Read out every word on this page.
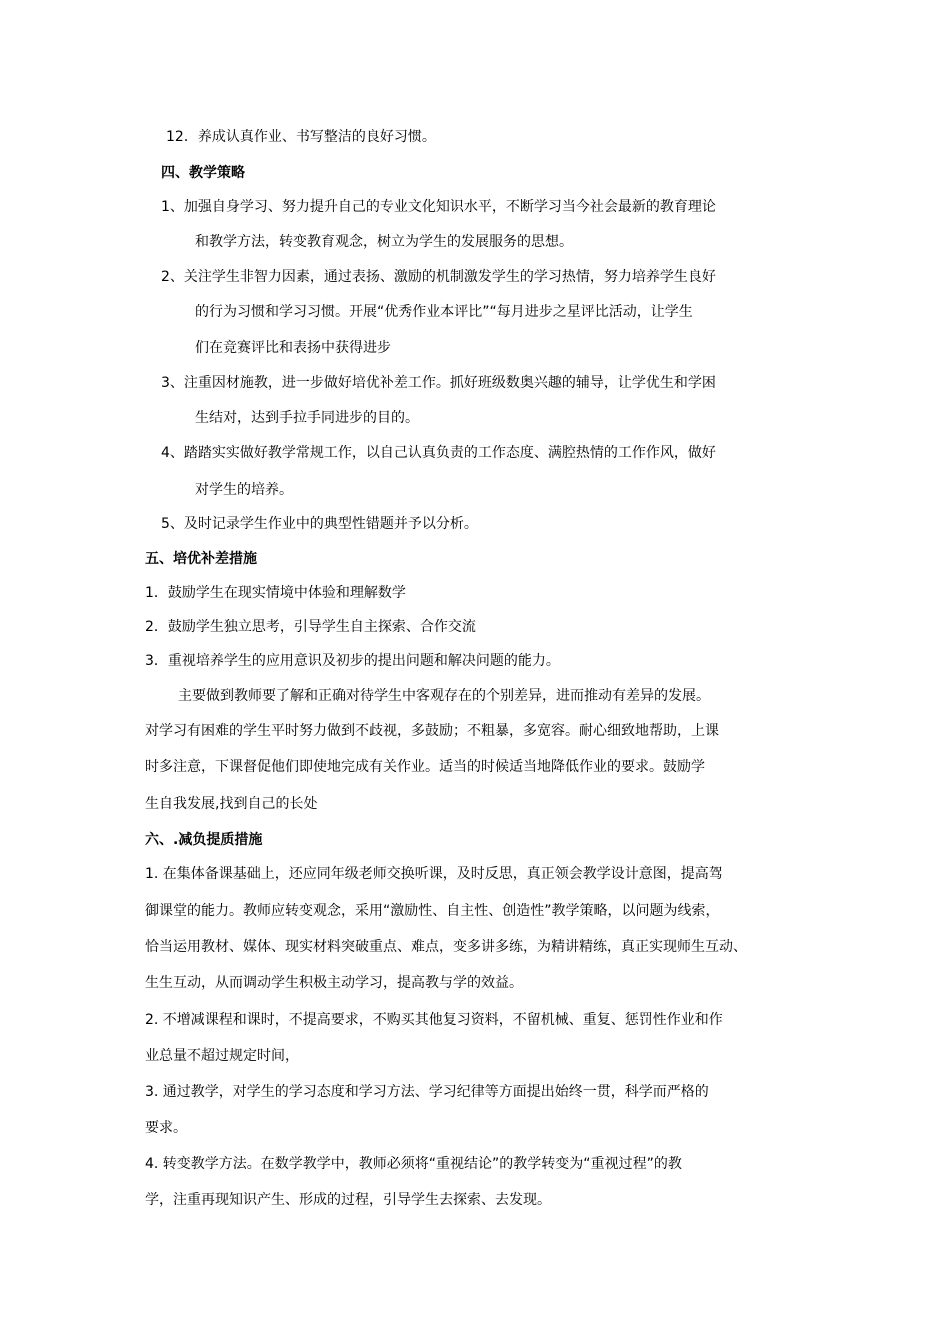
12．养成认真作业、书写整洁的良好习惯。
四、教学策略
1、加强自身学习、努力提升自己的专业文化知识水平，不断学习当今社会最新的教育理论
和教学方法，转变教育观念，树立为学生的发展服务的思想。
2、关注学生非智力因素，通过表扬、激励的机制激发学生的学习热情，努力培养学生良好
的行为习惯和学习习惯。开展“优秀作业本评比”“每月进步之星评比活动，让学生
们在竞赛评比和表扬中获得进步
3、注重因材施教，进一步做好培优补差工作。抓好班级数奥兴趣的辅导，让学优生和学困
生结对，达到手拉手同进步的目的。
4、踏踏实实做好教学常规工作，以自己认真负责的工作态度、满腔热情的工作作风，做好
对学生的培养。
5、及时记录学生作业中的典型性错题并予以分析。
五、培优补差措施
1．鼓励学生在现实情境中体验和理解数学
2．鼓励学生独立思考，引导学生自主探索、合作交流
3．重视培养学生的应用意识及初步的提出问题和解决问题的能力。
主要做到教师要了解和正确对待学生中客观存在的个别差异，进而推动有差异的发展。
对学习有困难的学生平时努力做到不歧视，多鼓励；不粗暴，多宽容。耐心细致地帮助，上课
时多注意，下课督促他们即使地完成有关作业。适当的时候适当地降低作业的要求。鼓励学
生自我发展,找到自己的长处
六、.减负提质措施
1. 在集体备课基础上，还应同年级老师交换听课，及时反思，真正领会教学设计意图，提高驾
御课堂的能力。教师应转变观念，采用“激励性、自主性、创造性”教学策略，以问题为线索，
恰当运用教材、媒体、现实材料突破重点、难点，变多讲多练，为精讲精练，真正实现师生互动、
生生互动，从而调动学生积极主动学习，提高教与学的效益。
2. 不增减课程和课时，不提高要求，不购买其他复习资料，不留机械、重复、惩罚性作业和作
业总量不超过规定时间，
3. 通过教学，对学生的学习态度和学习方法、学习纪律等方面提出始终一贯，科学而严格的
要求。
4. 转变教学方法。在数学教学中，教师必须将“重视结论”的教学转变为“重视过程”的教
学，注重再现知识产生、形成的过程，引导学生去探索、去发现。
